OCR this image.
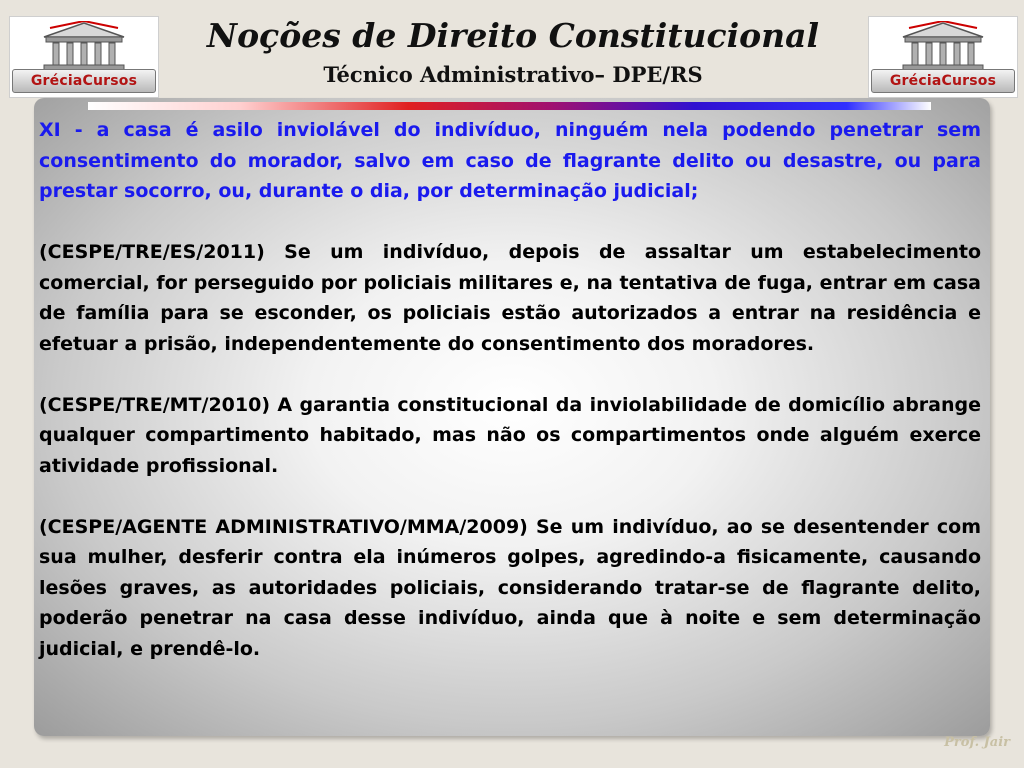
GréciaCursos
Noções de Direito Constitucional
Técnico Administrativo– DPE/RS	GréciaCursos

XI - a casa é asilo inviolável do indivíduo, ninguém nela podendo penetrar sem consentimento do morador, salvo em caso de flagrante delito ou desastre, ou para prestar socorro, ou, durante o dia, por determinação judicial;

(CESPE/TRE/ES/2011) Se um indivíduo, depois de assaltar um estabelecimento comercial, for perseguido por policiais militares e, na tentativa de fuga, entrar em casa de família para se esconder, os policiais estão autorizados a entrar na residência e efetuar a prisão, independentemente do consentimento dos moradores.

(CESPE/TRE/MT/2010) A garantia constitucional da inviolabilidade de domicílio abrange qualquer compartimento habitado, mas não os compartimentos onde alguém exerce atividade profissional.

(CESPE/AGENTE ADMINISTRATIVO/MMA/2009) Se um indivíduo, ao se desentender com sua mulher, desferir contra ela inúmeros golpes, agredindo-a fisicamente, causando lesões graves, as autoridades policiais, considerando tratar-se de flagrante delito, poderão penetrar na casa desse indivíduo, ainda que à noite e sem determinação judicial, e prendê-lo.

Prof. Jair
